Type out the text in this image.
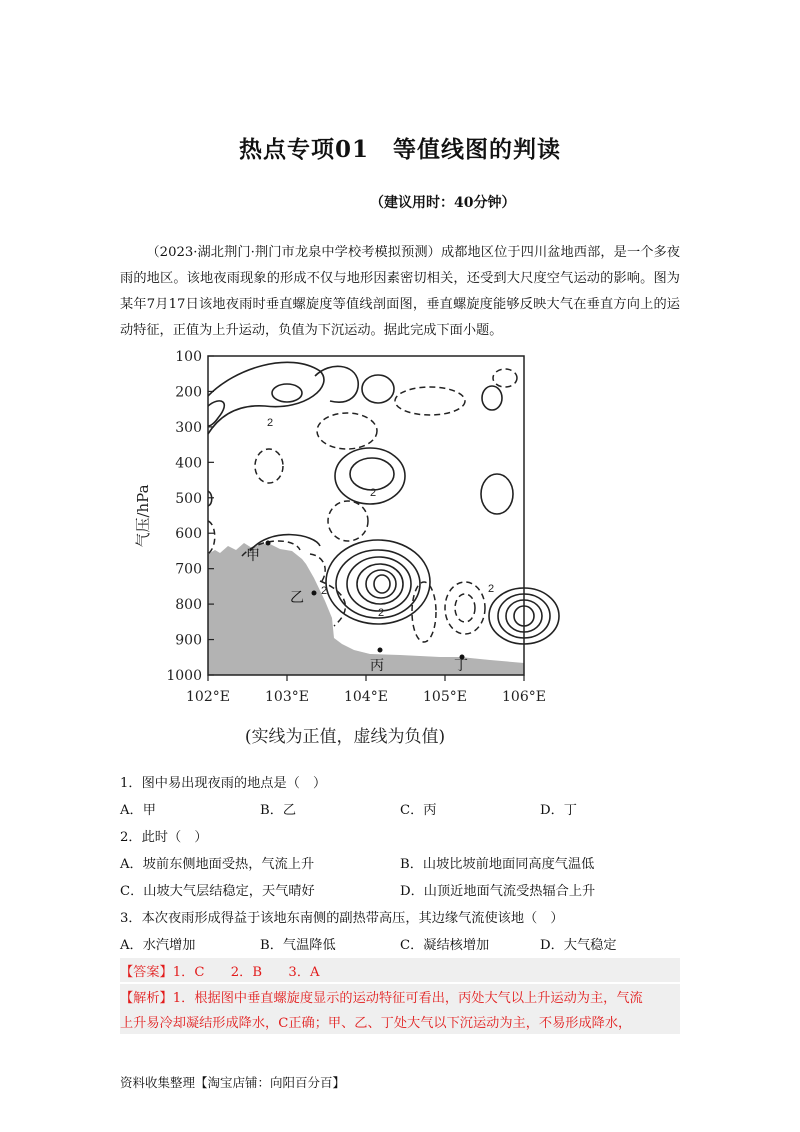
热点专项01　等值线图的判读
（建议用时：40分钟）
（2023·湖北荆门·荆门市龙泉中学校考模拟预测）成都地区位于四川盆地西部，是一个多夜雨的地区。该地夜雨现象的形成不仅与地形因素密切相关，还受到大尺度空气运动的影响。图为某年7月17日该地夜雨时垂直螺旋度等值线剖面图，垂直螺旋度能够反映大气在垂直方向上的运动特征，正值为上升运动，负值为下沉运动。据此完成下面小题。
2
2
2
2
2
甲
乙
丙	丁
气压/hPa
100
200
300
400
500
600
700
800
900
1000
102°E	103°E	104°E	105°E	106°E
(实线为正值，虚线为负值)
1．图中易出现夜雨的地点是（　）
A．甲	B．乙	C．丙	D．丁
2．此时（　）
A．坡前东侧地面受热，气流上升	B．山坡比坡前地面同高度气温低
C．山坡大气层结稳定，天气晴好	D．山顶近地面气流受热辐合上升
3．本次夜雨形成得益于该地东南侧的副热带高压，其边缘气流使该地（　）
A．水汽增加	B．气温降低	C．凝结核增加	D．大气稳定
【答案】1．C　　2．B　　3．A
【解析】1．根据图中垂直螺旋度显示的运动特征可看出，丙处大气以上升运动为主，气流
上升易冷却凝结形成降水，C正确；甲、乙、丁处大气以下沉运动为主，不易形成降水，
资料收集整理【淘宝店铺：向阳百分百】
